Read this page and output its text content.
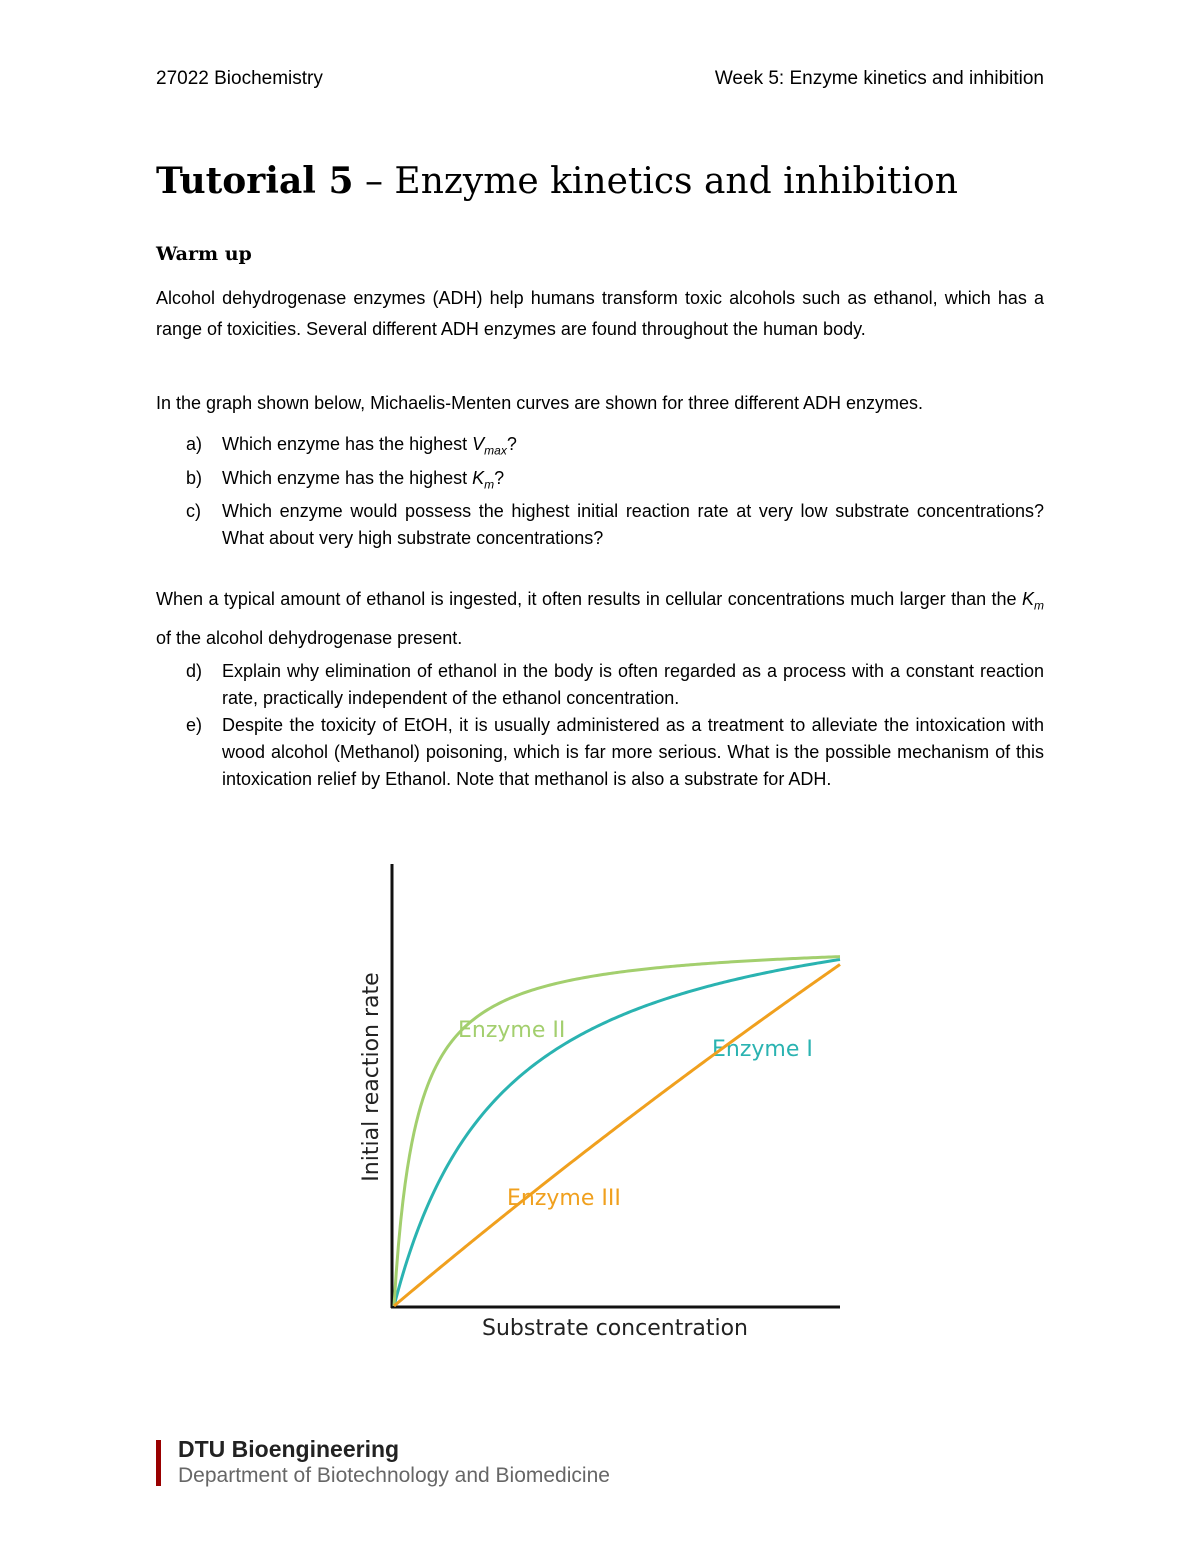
27022 Biochemistry	Week 5: Enzyme kinetics and inhibition
Tutorial 5 – Enzyme kinetics and inhibition
Warm up
Alcohol dehydrogenase enzymes (ADH) help humans transform toxic alcohols such as ethanol, which has a range of toxicities. Several different ADH enzymes are found throughout the human body.
In the graph shown below, Michaelis-Menten curves are shown for three different ADH enzymes.
a)	Which enzyme has the highest $V_{max}$?
b)	Which enzyme has the highest $K_m$?
c)	Which enzyme would possess the highest initial reaction rate at very low substrate concentrations? What about very high substrate concentrations?
When a typical amount of ethanol is ingested, it often results in cellular concentrations much larger than the $K_m$ of the alcohol dehydrogenase present.
d)	Explain why elimination of ethanol in the body is often regarded as a process with a constant reaction rate, practically independent of the ethanol concentration.
e)	Despite the toxicity of EtOH, it is usually administered as a treatment to alleviate the intoxication with wood alcohol (Methanol) poisoning, which is far more serious. What is the possible mechanism of this intoxication relief by Ethanol. Note that methanol is also a substrate for ADH.
Substrate concentration
Initial reaction rate	Enzyme I
Enzyme II
Enzyme III
DTU Bioengineering
Department of Biotechnology and Biomedicine
